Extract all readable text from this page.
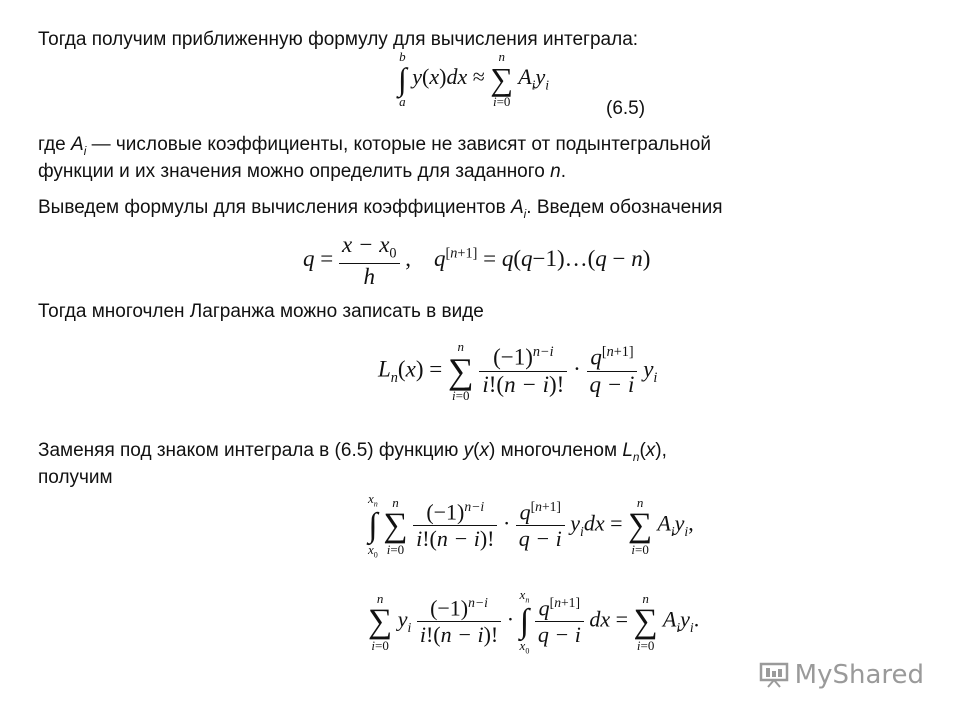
Тогда получим приближенную формулу для вычисления интеграла:
b
∫
a
y(x)dx ≈
n
∑
i=0
$A_iy_i$
(6.5)
где $A_i$ — числовые коэффициенты, которые не зависят от подынтегральной
функции и их значения можно определить для заданного n.
Выведем формулы для вычисления коэффициентов $A_i$. Введем обозначения
$q = \frac{x - x_0}{h}$ ,    q[n+1] = q(q−1)…(q − n)
Тогда многочлен Лагранжа можно записать в виде
$L_n(x)$ =
n
∑
i=0
$\frac{(-1)^{n-i}}{i!(n - i)!} \cdot \frac{q^{[n+1]}}{q - i} y_i$
Заменяя под знаком интеграла в (6.5) функцию y(x) многочленом $L_n(x)$,
получим
$x_n$
∫
$x_0$

n
∑
i=0
$\frac{(-1)^{n-i}}{i!(n - i)!} \cdot \frac{q^{[n+1]}}{q - i} y_idx$ =
n
∑
i=0
$A_iy_i$,
n
∑
i=0
$y_i \frac{(-1)^{n-i}}{i!(n - i)!}$ ·
$x_n$
∫
$x_0$

$\frac{q^{[n+1]}}{q - i}$ dx =
n
∑
i=0
$A_iy_i$.
MyShared
